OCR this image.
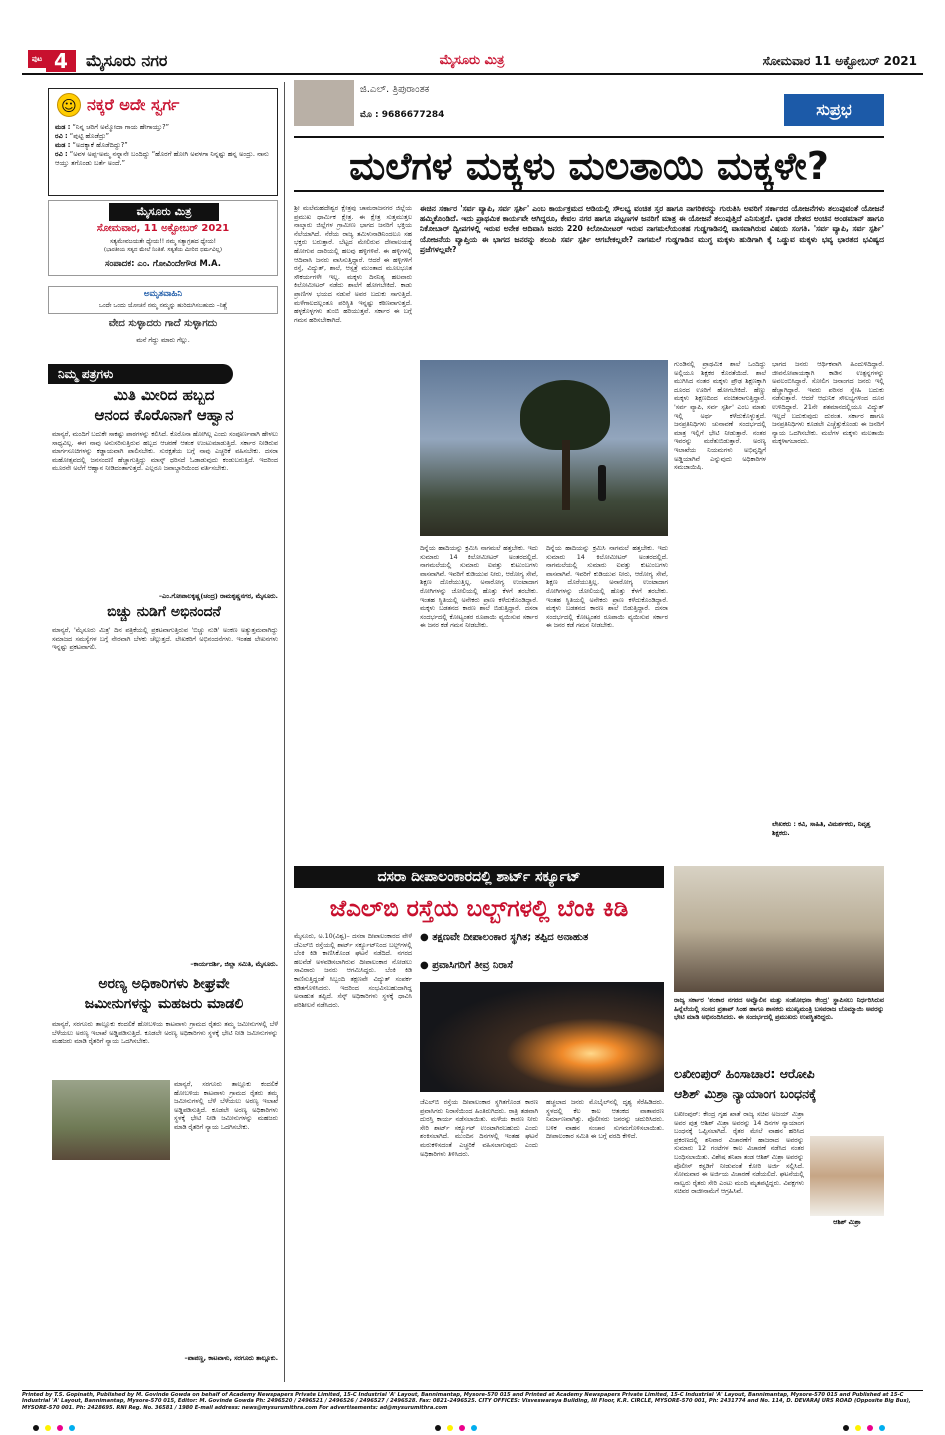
ಪುಟ 4	ಮೈಸೂರು ನಗರ	ಮೈಸೂರು ಮಿತ್ರ	ಸೋಮವಾರ 11 ಅಕ್ಟೋಬರ್ 2021
☺ ನಕ್ಕರೆ ಅದೇ ಸ್ವರ್ಗ
ಮಡ : “ನಿನ್ನ ಚರಿಗೆ ಅಮ್ಮೋದಾ ಗಾಯ ಹೇಗಾಯ್ತು?”
ರವಿ : “ಪುಟ್ಟಿ ಹೊಡೆದ್ರು”
ಮಡ : “ಅದಕ್ಯಾಕೆ ಹೊಡೆದಿದ್ದು?”
ರವಿ : “ಅವಳ ಅಪ್ಪ-ಅಮ್ಮ ನನ್ನಾನೇ ಬಂದಿದ್ದು “ಹೊರಗೆ ಹೋಗಿ ಅವಳಗಾ ನಿನ್ನಷ್ಟು ಹನ್ನ ಅಂದ್ರು. ನಾನು ಆಯ್ತು ತಗೊಂಡು ಬರ್ತೆ ಅಂದೆ.”
ಮೈಸೂರು ಮಿತ್ರ
ಸೋಮವಾರ, 11 ಅಕ್ಟೋಬರ್ 2021
ಸತ್ಯಮೇವಜಯತೇ ಧ್ಯೇಯ!! ನಮ್ಮ ಸತ್ಯಾಗ್ರಹದ ಧ್ಯೇಯ!
(ಭಾರತೀಯ ಸತ್ಯದ ಮೇಲೆ ನಿಂತಿತೆ. ಸತ್ಯತೆಯ ಮೀರಿದ ಧರ್ಮವಿಲ್ಲ)
ಸಂಪಾದಕ: ಎಂ. ಗೋವಿಂದೇಗೌಡ M.A.
ಅಮೃತವಾಹಿನಿ
ಒಂದೇ ಒಂದು ಯೋಚನೆ ನಮ್ಮ ನಮ್ಮನ್ನು ಹುರಿದುಗಿಸಬಹುದು –ನಿಶ್ಚೆ
ವೇದ ಸುಳ್ಳಾದರು ಗಾದೆ ಸುಳ್ಳಾಗದು
ಮನೆ ಗೆದ್ದು ಮಾರು ಗೆಲ್ಲು.
ನಿಮ್ಮ ಪತ್ರಗಳು
ಮಿತಿ ಮೀರಿದ ಹಬ್ಬದ
ಆನಂದ ಕೊರೊನಾಗೆ ಆಹ್ವಾನ
ಮಾನ್ಯರೆ, ಮಂದಿಗೆ ಬದುಕೇ ಸಾಕಷ್ಟು ಪಾಠಗಳನ್ನು ಕಲಿಸಿದೆ. ಕೊರೊನಾ ಹೋಗಿಲ್ಲ ಎಂದು ಸಂಪೂರ್ಣವಾಗಿ ಹೇಳಲು ಸಾಧ್ಯವಿಲ್ಲ. ಈಗ ನಾವು ಅನುಸರಿಸುತ್ತಿರುವ ಹಬ್ಬದ ಆಚರಣೆ ಆತಂಕ ಉಂಟುಮಾಡುತ್ತಿದೆ. ಸರ್ಕಾರ ನೀಡಿರುವ ಮಾರ್ಗಸೂಚಿಗಳನ್ನು ಕಡ್ಡಾಯವಾಗಿ ಪಾಲಿಸಬೇಕು. ಸುರಕ್ಷತೆಯ ಬಗ್ಗೆ ನಾವು ಎಚ್ಚರಿಕೆ ವಹಿಸಬೇಕು. ದಸರಾ ಮಹೋತ್ಸವದಲ್ಲಿ ಜನಸಂದಣಿ ಹೆಚ್ಚಾಗುತ್ತಿದ್ದು ಮಾಸ್ಕ್ ಧರಿಸದೆ ಓಡಾಡುವುದು ಕಂಡುಬರುತ್ತಿದೆ. ಇದರಿಂದ ಮೂರನೇ ಅಲೆಗೆ ಆಹ್ವಾನ ನೀಡಿದಂತಾಗುತ್ತದೆ. ಎಲ್ಲರೂ ಜವಾಬ್ದಾರಿಯಿಂದ ವರ್ತಿಸಬೇಕು.
–ಎಂ.ಗೋಪಾಲಕೃಷ್ಣ(ಚಂದ್ರ) ರಾಮಕೃಷ್ಣನಗರ, ಮೈಸೂರು.
ಬಿಚ್ಚು ನುಡಿಗೆ ಅಭಿನಂದನೆ
ಮಾನ್ಯರೆ, 'ಮೈಸೂರು ಮಿತ್ರ' ದಿನ ಪತ್ರಿಕೆಯಲ್ಲಿ ಪ್ರಕಟವಾಗುತ್ತಿರುವ 'ಬಿಚ್ಚು ನುಡಿ' ಅಂಕಣ ಅತ್ಯುತ್ತಮವಾಗಿದ್ದು ಸಮಾಜದ ಸಮಸ್ಯೆಗಳ ಬಗ್ಗೆ ನೇರವಾಗಿ ಬೆಳಕು ಚೆಲ್ಲುತ್ತದೆ. ಲೇಖಕರಿಗೆ ಅಭಿನಂದನೆಗಳು. ಇಂತಹ ಲೇಖನಗಳು ಇನ್ನಷ್ಟು ಪ್ರಕಟವಾಗಲಿ.
–ಕಾರ್ಯದರ್ಶಿ, ಜಿಲ್ಲಾ ಸಮಿತಿ, ಮೈಸೂರು.
ಅರಣ್ಯ ಅಧಿಕಾರಿಗಳು ಶೀಘ್ರವೇ
ಜಮೀನುಗಳನ್ನು ಮಹಜರು ಮಾಡಲಿ
ಮಾನ್ಯರೆ, ಸರಗೂರು ತಾಲ್ಲೂಕು ಕಂದಲಿಕೆ ಹೋಬಳಿಯ ಕಾಟವಾಳು ಗ್ರಾಮದ ರೈತರು ತಮ್ಮ ಜಮೀನುಗಳಲ್ಲಿ ಬೆಳೆ ಬೆಳೆಯಲು ಅರಣ್ಯ ಇಲಾಖೆ ಅಡ್ಡಿಪಡಿಸುತ್ತಿದೆ. ಕೂಡಲೇ ಅರಣ್ಯ ಅಧಿಕಾರಿಗಳು ಸ್ಥಳಕ್ಕೆ ಭೇಟಿ ನೀಡಿ ಜಮೀನುಗಳನ್ನು ಮಹಜರು ಮಾಡಿ ರೈತರಿಗೆ ನ್ಯಾಯ ಒದಗಿಸಬೇಕು.
ಮಾನ್ಯರೆ, ಸರಗೂರು ತಾಲ್ಲೂಕು ಕಂದಲಿಕೆ ಹೋಬಳಿಯ ಕಾಟವಾಳು ಗ್ರಾಮದ ರೈತರು ತಮ್ಮ ಜಮೀನುಗಳಲ್ಲಿ ಬೆಳೆ ಬೆಳೆಯಲು ಅರಣ್ಯ ಇಲಾಖೆ ಅಡ್ಡಿಪಡಿಸುತ್ತಿದೆ. ಕೂಡಲೇ ಅರಣ್ಯ ಅಧಿಕಾರಿಗಳು ಸ್ಥಳಕ್ಕೆ ಭೇಟಿ ನೀಡಿ ಜಮೀನುಗಳನ್ನು ಮಹಜರು ಮಾಡಿ ರೈತರಿಗೆ ನ್ಯಾಯ ಒದಗಿಸಬೇಕು.
–ಪಾಪಣ್ಣ, ಕಾಟವಾಳು, ಸರಗೂರು ತಾಲ್ಲೂಕು.
ಜಿ.ಎಲ್. ತ್ರಿಪುರಾಂತಕ
ಮೊ : 9686677284	ಸುಪ್ರಭ
ಮಲೆಗಳ ಮಕ್ಕಳು ಮಲತಾಯಿ ಮಕ್ಕಳೇ?
ಶ್ರೀ ಮಲೆಮಹದೇಶ್ವರ ಕ್ಷೇತ್ರವು ಚಾಮರಾಜನಗರ ಜಿಲ್ಲೆಯ ಪ್ರಮುಖ ಧಾರ್ಮಿಕ ಕ್ಷೇತ್ರ. ಈ ಕ್ಷೇತ್ರ ಸುತ್ತಮುತ್ತಲ ನಾಲ್ಕಾರು ಜಿಲ್ಲೆಗಳ ಗ್ರಾಮೀಣ ಭಾಗದ ಜನರಿಗೆ ಭಕ್ತಿಯ ನೆಲೆಯಾಗಿದೆ. ನೆರೆಯ ರಾಜ್ಯ ತಮಿಳುನಾಡಿನಿಂದಲೂ ಸಹ ಭಕ್ತರು ಬರುತ್ತಾರೆ. ಬೆಟ್ಟದ ಮೇಲಿರುವ ದೇವಾಲಯಕ್ಕೆ ಹೋಗುವ ದಾರಿಯಲ್ಲಿ ಹಲವು ಹಳ್ಳಿಗಳಿವೆ. ಈ ಹಳ್ಳಿಗಳಲ್ಲಿ ಆದಿವಾಸಿ ಜನರು ವಾಸಿಸುತ್ತಿದ್ದಾರೆ. ಆದರೆ ಈ ಹಳ್ಳಿಗಳಿಗೆ ರಸ್ತೆ, ವಿದ್ಯುತ್, ಶಾಲೆ, ಆಸ್ಪತ್ರೆ ಮುಂತಾದ ಮೂಲಭೂತ ಸೌಕರ್ಯಗಳೇ ಇಲ್ಲ. ಮಕ್ಕಳು ದಿನನಿತ್ಯ ಹಲವಾರು ಕಿಲೋಮೀಟರ್ ನಡೆದು ಶಾಲೆಗೆ ಹೋಗಬೇಕಿದೆ. ಕಾಡು ಪ್ರಾಣಿಗಳ ಭಯದ ನಡುವೆ ಅವರ ಬದುಕು ಸಾಗುತ್ತಿದೆ. ಮಳೆಗಾಲದಲ್ಲಂತೂ ಪರಿಸ್ಥಿತಿ ಇನ್ನಷ್ಟು ಕಠಿಣವಾಗುತ್ತದೆ. ಹಳ್ಳಕೊಳ್ಳಗಳು ತುಂಬಿ ಹರಿಯುತ್ತವೆ. ಸರ್ಕಾರ ಈ ಬಗ್ಗೆ ಗಮನ ಹರಿಸಬೇಕಾಗಿದೆ.
ಈಚಿನ ಸರ್ಕಾರ 'ಸರ್ವ ವ್ಯಾಪಿ, ಸರ್ವ ಸ್ಪರ್ಶಿ' ಎಂಬ ಕಾರ್ಯಕ್ರಮದ ಆಡಿಯಲ್ಲಿ ಸೌಲಭ್ಯ ವಂಚಿತ ಸ್ತರ ಹಾಗೂ ನಾಗರಿಕರನ್ನು ಗುರುತಿಸಿ ಅವರಿಗೆ ಸರ್ಕಾರದ ಯೋಜನೆಗಳು ತಲುಪುವಂತೆ ಯೋಜನೆ ಹಮ್ಮಿಕೊಂಡಿದೆ. ಇದು ಪ್ರಾಥಮಿಕ ಕಾರ್ಯವೇ ಆಗಿದ್ದರೂ, ಕೇವಲ ನಗರ ಹಾಗೂ ಪಟ್ಟಣಗಳ ಜನರಿಗೆ ಮಾತ್ರ ಈ ಯೋಜನೆ ತಲುಪುತ್ತಿದೆ ಎನಿಸುತ್ತದೆ. ಭಾರತ ದೇಶದ ಅಂಚಿನ ಅಂಡಮಾನ್ ಹಾಗೂ ನಿಕೋಬಾರ್ ದ್ವೀಪಗಳಲ್ಲಿ ಇರುವ ಅನೇಕ ಆದಿವಾಸಿ ಜನರು 220 ಕಿಲೋಮೀಟರ್ ಇರುವ ನಾಗಮಲೆಯಂತಹ ಗುಡ್ಡಗಾಡಿನಲ್ಲಿ ವಾಸವಾಗಿರುವ ವಿಷಯ ಸಂಗತಿ. 'ಸರ್ವ ವ್ಯಾಪಿ, ಸರ್ವ ಸ್ಪರ್ಶಿ' ಯೋಜನೆಯ ವ್ಯಾಪ್ತಿಯ ಈ ಭಾಗದ ಜನರನ್ನು ತಲುಪಿ ಸರ್ವ ಸ್ಪರ್ಶಿ ಆಗಬೇಕಲ್ಲವೇ? ನಾಗಮಲೆ ಗುಡ್ಡಗಾಡಿನ ಮುಗ್ಧ ಮಕ್ಕಳು ಹುಡಿಗಾಗಿ ಕೈ ಒಡ್ಡುವ ಮಕ್ಕಳು ಭವ್ಯ ಭಾರತದ ಭವಿಷ್ಯದ ಪ್ರಜೆಗಳಲ್ಲವೇ?
ದಿನ್ನೆಯ ಹಾದಿಯನ್ನು ಕ್ರಮಿಸಿ ನಾಗಮಲೆ ಹತ್ತಬೇಕು. ಇದು ಸುಮಾರು 14 ಕಿಲೋಮೀಟರ್ ಅಂತರದಲ್ಲಿದೆ. ನಾಗಮಲೆಯಲ್ಲಿ ಸುಮಾರು ಐವತ್ತು ಕುಟುಂಬಗಳು ವಾಸವಾಗಿವೆ. ಇವರಿಗೆ ಕುಡಿಯುವ ನೀರು, ಆರೋಗ್ಯ ಸೇವೆ, ಶಿಕ್ಷಣ ದೊರೆಯುತ್ತಿಲ್ಲ. ಅನಾರೋಗ್ಯ ಉಂಟಾದಾಗ ರೋಗಿಗಳನ್ನು ಜೋಲಿಯಲ್ಲಿ ಹೊತ್ತು ಕೆಳಗೆ ತರಬೇಕು. ಇಂತಹ ಸ್ಥಿತಿಯಲ್ಲಿ ಅನೇಕರು ಪ್ರಾಣ ಕಳೆದುಕೊಂಡಿದ್ದಾರೆ. ಮಕ್ಕಳು ಬಡತನದ ಕಾರಣ ಶಾಲೆ ಬಿಡುತ್ತಿದ್ದಾರೆ. ದಸರಾ ಸಂದರ್ಭದಲ್ಲಿ ಕೋಟ್ಯಂತರ ರೂಪಾಯಿ ವ್ಯಯಿಸುವ ಸರ್ಕಾರ ಈ ಜನರ ಕಡೆ ಗಮನ ನೀಡಬೇಕು.
ದಿನ್ನೆಯ ಹಾದಿಯನ್ನು ಕ್ರಮಿಸಿ ನಾಗಮಲೆ ಹತ್ತಬೇಕು. ಇದು ಸುಮಾರು 14 ಕಿಲೋಮೀಟರ್ ಅಂತರದಲ್ಲಿದೆ. ನಾಗಮಲೆಯಲ್ಲಿ ಸುಮಾರು ಐವತ್ತು ಕುಟುಂಬಗಳು ವಾಸವಾಗಿವೆ. ಇವರಿಗೆ ಕುಡಿಯುವ ನೀರು, ಆರೋಗ್ಯ ಸೇವೆ, ಶಿಕ್ಷಣ ದೊರೆಯುತ್ತಿಲ್ಲ. ಅನಾರೋಗ್ಯ ಉಂಟಾದಾಗ ರೋಗಿಗಳನ್ನು ಜೋಲಿಯಲ್ಲಿ ಹೊತ್ತು ಕೆಳಗೆ ತರಬೇಕು. ಇಂತಹ ಸ್ಥಿತಿಯಲ್ಲಿ ಅನೇಕರು ಪ್ರಾಣ ಕಳೆದುಕೊಂಡಿದ್ದಾರೆ. ಮಕ್ಕಳು ಬಡತನದ ಕಾರಣ ಶಾಲೆ ಬಿಡುತ್ತಿದ್ದಾರೆ. ದಸರಾ ಸಂದರ್ಭದಲ್ಲಿ ಕೋಟ್ಯಂತರ ರೂಪಾಯಿ ವ್ಯಯಿಸುವ ಸರ್ಕಾರ ಈ ಜನರ ಕಡೆ ಗಮನ ನೀಡಬೇಕು.
ಗುಂಡಿನಲ್ಲಿ ಪ್ರಾಥಮಿಕ ಶಾಲೆ ಒಂದಿದ್ದು ಅಲ್ಲಿಯೂ ಶಿಕ್ಷಕರ ಕೊರತೆಯಿದೆ. ಶಾಲೆ ಮುಗಿಸಿದ ನಂತರ ಮಕ್ಕಳು ಪ್ರೌಢ ಶಿಕ್ಷಣಕ್ಕಾಗಿ ದೂರದ ಊರಿಗೆ ಹೋಗಬೇಕಿದೆ. ಹೆಣ್ಣು ಮಕ್ಕಳು ಶಿಕ್ಷಣದಿಂದ ವಂಚಿತರಾಗುತ್ತಿದ್ದಾರೆ. 'ಸರ್ವ ವ್ಯಾಪಿ, ಸರ್ವ ಸ್ಪರ್ಶಿ' ಎಂಬ ಮಾತು ಇಲ್ಲಿ ಅರ್ಥ ಕಳೆದುಕೊಳ್ಳುತ್ತದೆ. ಜನಪ್ರತಿನಿಧಿಗಳು ಚುನಾವಣೆ ಸಂದರ್ಭದಲ್ಲಿ ಮಾತ್ರ ಇಲ್ಲಿಗೆ ಭೇಟಿ ನೀಡುತ್ತಾರೆ. ನಂತರ ಇವರನ್ನು ಮರೆತುಬಿಡುತ್ತಾರೆ. ಅರಣ್ಯ ಇಲಾಖೆಯ ನಿಯಮಗಳು ಅಭಿವೃದ್ಧಿಗೆ ಅಡ್ಡಿಯಾಗಿವೆ ಎನ್ನುವುದು ಅಧಿಕಾರಿಗಳ ಸಮಜಾಯಿಷಿ.
ಭಾಗದ ಜನರು ಆರ್ಥಿಕವಾಗಿ ಹಿಂದುಳಿದಿದ್ದಾರೆ. ಜೀವನೋಪಾಯಕ್ಕಾಗಿ ಕಾಡಿನ ಉತ್ಪನ್ನಗಳನ್ನು ಅವಲಂಬಿಸಿದ್ದಾರೆ. ಸೋಲಿಗ ಜನಾಂಗದ ಜನರು ಇಲ್ಲಿ ಹೆಚ್ಚಾಗಿದ್ದಾರೆ. ಇವರು ಪರಿಸರ ಸ್ನೇಹಿ ಬದುಕು ನಡೆಸುತ್ತಾರೆ. ಆದರೆ ಆಧುನಿಕ ಸೌಲಭ್ಯಗಳಿಂದ ದೂರ ಉಳಿದಿದ್ದಾರೆ. 21ನೇ ಶತಮಾನದಲ್ಲಿಯೂ ವಿದ್ಯುತ್ ಇಲ್ಲದೆ ಬದುಕುವುದು ದುರಂತ. ಸರ್ಕಾರ ಹಾಗೂ ಜನಪ್ರತಿನಿಧಿಗಳು ಕೂಡಲೇ ಎಚ್ಚೆತ್ತುಕೊಂಡು ಈ ಜನರಿಗೆ ನ್ಯಾಯ ಒದಗಿಸಬೇಕು. ಮಲೆಗಳ ಮಕ್ಕಳು ಮಲತಾಯಿ ಮಕ್ಕಳಾಗಬಾರದು.
ಲೇಖಕರು : ಕವಿ, ಸಾಹಿತಿ, ವಿಮರ್ಶಕರು, ನಿವೃತ್ತ ಶಿಕ್ಷಕರು.
ದಸರಾ ದೀಪಾಲಂಕಾರದಲ್ಲಿ ಶಾರ್ಟ್ ಸರ್ಕ್ಯೂಟ್
ಜೆಎಲ್‌ಬಿ ರಸ್ತೆಯ ಬಲ್ಬ್‌ಗಳಲ್ಲಿ ಬೆಂಕಿ ಕಿಡಿ
ಮೈಸೂರು, ಅ.10(ವಿಶ್ವ)– ದಸರಾ ದೀಪಾಲಂಕಾರದ ವೇಳೆ ಜೆಎಲ್‌ಬಿ ರಸ್ತೆಯಲ್ಲಿ ಶಾರ್ಟ್ ಸರ್ಕ್ಯೂಟ್‌ನಿಂದ ಬಲ್ಬ್‌ಗಳಲ್ಲಿ ಬೆಂಕಿ ಕಿಡಿ ಕಾಣಿಸಿಕೊಂಡ ಘಟನೆ ನಡೆದಿದೆ. ನಗರದ ಹಲವೆಡೆ ಅಳವಡಿಸಲಾಗಿರುವ ದೀಪಾಲಂಕಾರ ನೋಡಲು ಸಾವಿರಾರು ಜನರು ಆಗಮಿಸಿದ್ದರು. ಬೆಂಕಿ ಕಿಡಿ ಕಾಣಿಸುತ್ತಿದ್ದಂತೆ ಸಿಬ್ಬಂದಿ ತಕ್ಷಣವೇ ವಿದ್ಯುತ್ ಸಂಪರ್ಕ ಕಡಿತಗೊಳಿಸಿದರು. ಇದರಿಂದ ಸಂಭವಿಸಬಹುದಾಗಿದ್ದ ಅನಾಹುತ ತಪ್ಪಿದೆ. ಸೆಸ್ಕ್ ಅಧಿಕಾರಿಗಳು ಸ್ಥಳಕ್ಕೆ ಧಾವಿಸಿ ಪರಿಶೀಲನೆ ನಡೆಸಿದರು.
● ತಕ್ಷಣವೇ ದೀಪಾಲಂಕಾರ ಸ್ಥಗಿತ; ತಪ್ಪಿದ ಅನಾಹುತ
● ಪ್ರವಾಸಿಗರಿಗೆ ತೀವ್ರ ನಿರಾಸೆ
ಜೆಎಲ್‌ಬಿ ರಸ್ತೆಯ ದೀಪಾಲಂಕಾರ ಸ್ಥಗಿತಗೊಂಡ ಕಾರಣ ಪ್ರವಾಸಿಗರು ನಿರಾಸೆಯಿಂದ ಹಿಂತಿರುಗಿದರು. ರಾತ್ರಿ ತಡವಾಗಿ ದುರಸ್ತಿ ಕಾರ್ಯ ನಡೆಸಲಾಯಿತು. ಮಳೆಯ ಕಾರಣ ನೀರು ಸೇರಿ ಶಾರ್ಟ್ ಸರ್ಕ್ಯೂಟ್ ಉಂಟಾಗಿರಬಹುದು ಎಂದು ಶಂಕಿಸಲಾಗಿದೆ. ಮುಂದಿನ ದಿನಗಳಲ್ಲಿ ಇಂತಹ ಘಟನೆ ಮರುಕಳಿಸದಂತೆ ಎಚ್ಚರಿಕೆ ವಹಿಸಲಾಗುವುದು ಎಂದು ಅಧಿಕಾರಿಗಳು ತಿಳಿಸಿದರು.
ಹಚ್ಚಲಾದ ಜನರು ಮೊಬೈಲ್‌ನಲ್ಲಿ ದೃಶ್ಯ ಸೆರೆಹಿಡಿದರು. ಸ್ಥಳದಲ್ಲಿ ಕೆಲ ಕಾಲ ಆತಂಕದ ವಾತಾವರಣ ನಿರ್ಮಾಣವಾಗಿತ್ತು. ಪೊಲೀಸರು ಜನರನ್ನು ಚದುರಿಸಿದರು. ಬಳಿಕ ವಾಹನ ಸಂಚಾರ ಸುಗಮಗೊಳಿಸಲಾಯಿತು. ದೀಪಾಲಂಕಾರ ಸಮಿತಿ ಈ ಬಗ್ಗೆ ವರದಿ ಕೇಳಿದೆ.
ರಾಜ್ಯ ಸರ್ಕಾರ 'ಶಂಕಾರ ನಗರದ ಅವ್ವೊಲಿನ ಮತ್ತು ಸಂಶೋಧನಾ ಕೇಂದ್ರ' ಸ್ಥಾಪಿಸಲು ನಿರ್ಧರಿಸಿರುವ ಹಿನ್ನೆಲೆಯಲ್ಲಿ ಸಂಸದ ಪ್ರತಾಪ್ ಸಿಂಹ ಹಾಗೂ ಶಾಸಕರು ಮುಖ್ಯಮಂತ್ರಿ ಬಸವರಾಜ ಬೊಮ್ಮಾಯಿ ಅವರನ್ನು ಭೇಟಿ ಮಾಡಿ ಅಭಿನಂದಿಸಿದರು. ಈ ಸಂದರ್ಭದಲ್ಲಿ ಪ್ರಮುಖರು ಉಪಸ್ಥಿತರಿದ್ದರು.
ಲಖೀಂಪುರ್ ಹಿಂಸಾಚಾರ: ಆರೋಪಿ
ಆಶಿಶ್ ಮಿಶ್ರಾ ನ್ಯಾಯಾಂಗ ಬಂಧನಕ್ಕೆ
ಲಖೀಂಪುರ್: ಕೇಂದ್ರ ಗೃಹ ಖಾತೆ ರಾಜ್ಯ ಸಚಿವ ಅಜಯ್ ಮಿಶ್ರಾ ಅವರ ಪುತ್ರ ಆಶಿಶ್ ಮಿಶ್ರಾ ಅವರನ್ನು 14 ದಿನಗಳ ನ್ಯಾಯಾಂಗ ಬಂಧನಕ್ಕೆ ಒಪ್ಪಿಸಲಾಗಿದೆ. ರೈತರ ಮೇಲೆ ವಾಹನ ಹರಿಸಿದ ಪ್ರಕರಣದಲ್ಲಿ ಶನಿವಾರ ವಿಚಾರಣೆಗೆ ಹಾಜರಾದ ಅವರನ್ನು ಸುಮಾರು 12 ಗಂಟೆಗಳ ಕಾಲ ವಿಚಾರಣೆ ನಡೆಸಿದ ನಂತರ ಬಂಧಿಸಲಾಯಿತು. ವಿಶೇಷ ತನಿಖಾ ತಂಡ ಆಶಿಶ್ ಮಿಶ್ರಾ ಅವರನ್ನು ಪೊಲೀಸ್ ಕಸ್ಟಡಿಗೆ ನೀಡುವಂತೆ ಕೋರಿ ಅರ್ಜಿ ಸಲ್ಲಿಸಿದೆ. ಸೋಮವಾರ ಈ ಅರ್ಜಿಯ ವಿಚಾರಣೆ ನಡೆಯಲಿದೆ. ಘಟನೆಯಲ್ಲಿ ನಾಲ್ವರು ರೈತರು ಸೇರಿ ಎಂಟು ಮಂದಿ ಮೃತಪಟ್ಟಿದ್ದರು. ವಿಪಕ್ಷಗಳು ಸಚಿವರ ರಾಜೀನಾಮೆಗೆ ಆಗ್ರಹಿಸಿವೆ.
ಆಶಿಶ್ ಮಿಶ್ರಾ
Printed by T.S. Gopinath, Published by M. Govinde Gowda on behalf of Academy Newspapers Private Limited, 15-C Industrial 'A' Layout, Bannimantap, Mysore-570 015 and Printed at Academy Newspapers Private Limited, 15-C Industrial 'A' Layout, Bannimantap, Mysore-570 015 and Published at 15-C Industrial 'A' Layout, Bannimantap, Mysore-570 015, Editor: M. Govinde Gowda Ph: 2496520 / 2496521 / 2496526 / 2496527 / 2496528. Fax: 0821-2496525. CITY OFFICES: Visveswaraya Building, III Floor, K.R. CIRCLE, MYSORE-570 001, Ph: 2431774 and No. 114, D. DEVARAJ URS ROAD (Opposite Big Bus), MYSORE-570 001. Ph: 2428695. RNI Reg. No. 36581 / 1980 E-mail address: news@mysurumithra.com For advertisements: ad@mysurumithra.com
